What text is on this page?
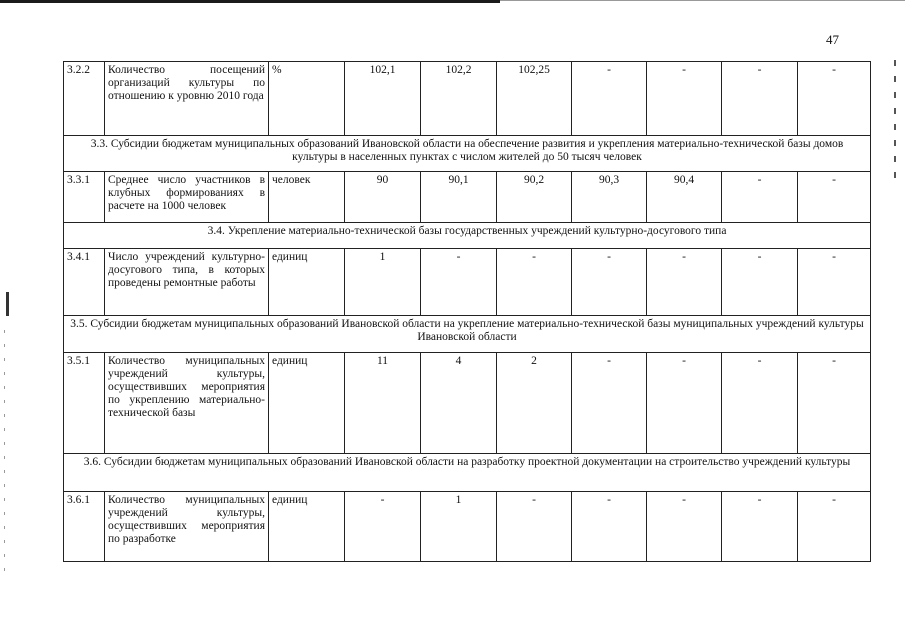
47
3.2.2	Количество посещений организаций культуры по отношению к уровню 2010 года	%	102,1	102,2	102,25	-	-	-	-
3.3. Субсидии бюджетам муниципальных образований Ивановской области на обеспечение развития и укрепления материально-технической базы домов культуры в населенных пунктах с числом жителей до 50 тысяч человек									
3.3.1	Среднее число участников в клубных формированиях в расчете на 1000 человек	человек	90	90,1	90,2	90,3	90,4	-	-
3.4. Укрепление материально-технической базы государственных учреждений культурно-досугового типа									
3.4.1	Число учреждений культурно-досугового типа, в которых проведены ремонтные работы	единиц	1	-	-	-	-	-	-
3.5. Субсидии бюджетам муниципальных образований Ивановской области на укрепление материально-технической базы муниципальных учреждений культуры Ивановской области									
3.5.1	Количество муниципальных учреждений культуры, осуществивших мероприятия по укреплению материально-технической базы	единиц	11	4	2	-	-	-	-
3.6. Субсидии бюджетам муниципальных образований Ивановской области на разработку проектной документации на строительство учреждений культуры									
3.6.1	Количество муниципальных учреждений культуры, осуществивших мероприятия по разработке	единиц	-	1	-	-	-	-	-
